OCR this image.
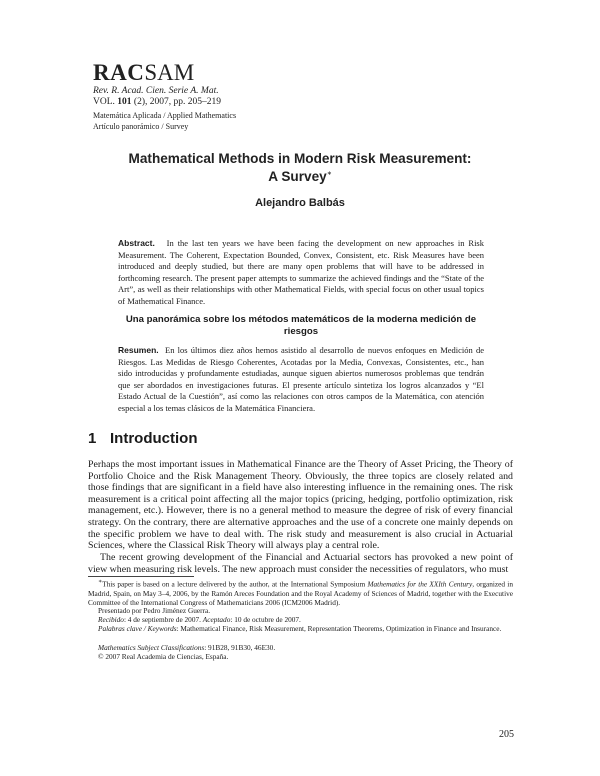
RACSAM
Rev. R. Acad. Cien. Serie A. Mat.
VOL. 101 (2), 2007, pp. 205–219
Matemática Aplicada / Applied Mathematics
Artículo panorámico / Survey
Mathematical Methods in Modern Risk Measurement:
A Survey∗
Alejandro Balbás
Abstract. In the last ten years we have been facing the development on new approaches in Risk Measurement. The Coherent, Expectation Bounded, Convex, Consistent, etc. Risk Measures have been introduced and deeply studied, but there are many open problems that will have to be addressed in forthcoming research. The present paper attempts to summarize the achieved findings and the “State of the Art”, as well as their relationships with other Mathematical Fields, with special focus on other usual topics of Mathematical Finance.
Una panorámica sobre los métodos matemáticos de la moderna medición de riesgos
Resumen. En los últimos diez años hemos asistido al desarrollo de nuevos enfoques en Medición de Riesgos. Las Medidas de Riesgo Coherentes, Acotadas por la Media, Convexas, Consistentes, etc., han sido introducidas y profundamente estudiadas, aunque siguen abiertos numerosos problemas que tendrán que ser abordados en investigaciones futuras. El presente artículo sintetiza los logros alcanzados y “El Estado Actual de la Cuestión”, así como las relaciones con otros campos de la Matemática, con atención especial a los temas clásicos de la Matemática Financiera.
1 Introduction
Perhaps the most important issues in Mathematical Finance are the Theory of Asset Pricing, the Theory of Portfolio Choice and the Risk Management Theory. Obviously, the three topics are closely related and those findings that are significant in a field have also interesting influence in the remaining ones. The risk measurement is a critical point affecting all the major topics (pricing, hedging, portfolio optimization, risk management, etc.). However, there is no a general method to measure the degree of risk of every financial strategy. On the contrary, there are alternative approaches and the use of a concrete one mainly depends on the specific problem we have to deal with. The risk study and measurement is also crucial in Actuarial Sciences, where the Classical Risk Theory will always play a central role.
The recent growing development of the Financial and Actuarial sectors has provoked a new point of view when measuring risk levels. The new approach must consider the necessities of regulators, who must
∗This paper is based on a lecture delivered by the author, at the International Symposium Mathematics for the XXIth Century, organized in Madrid, Spain, on May 3–4, 2006, by the Ramón Areces Foundation and the Royal Academy of Sciences of Madrid, together with the Executive Committee of the International Congress of Mathematicians 2006 (ICM2006 Madrid).
Presentado por Pedro Jiménez Guerra.
Recibido: 4 de septiembre de 2007. Aceptado: 10 de octubre de 2007.
Palabras clave / Keywords: Mathematical Finance, Risk Measurement, Representation Theorems, Optimization in Finance and Insurance.
Mathematics Subject Classifications: 91B28, 91B30, 46E30.
© 2007 Real Academia de Ciencias, España.
205
